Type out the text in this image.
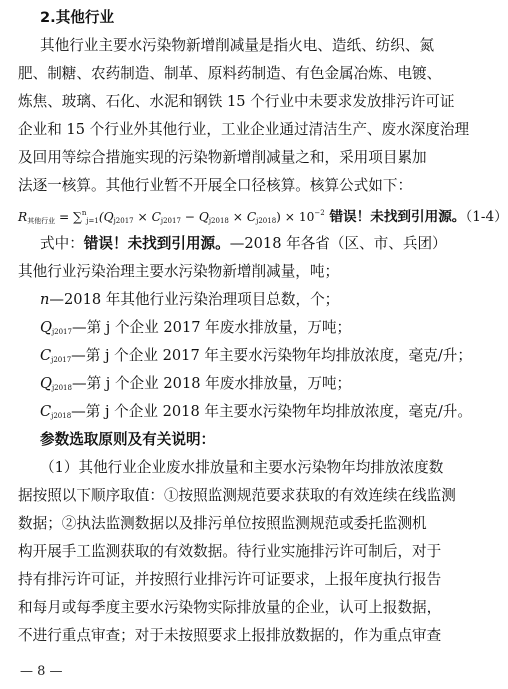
2.其他行业
其他行业主要水污染物新增削减量是指火电、造纸、纺织、氮
肥、制糖、农药制造、制革、原料药制造、有色金属冶炼、电镀、
炼焦、玻璃、石化、水泥和钢铁 15 个行业中未要求发放排污许可证
企业和 15 个行业外其他行业，工业企业通过清洁生产、废水深度治理
及回用等综合措施实现的污染物新增削减量之和，采用项目累加
法逐一核算。其他行业暂不开展全口径核算。核算公式如下：
$R_{其他行业} = \sum^n_{j=1}(Q_{j2017} \times C_{j2017} - Q_{j2018} \times C_{j2018}) \times 10^{-2}$ 错误！未找到引用源。（1-4）
式中：错误！未找到引用源。—2018 年各省（区、市、兵团）
其他行业污染治理主要水污染物新增削减量，吨；
n—2018 年其他行业污染治理项目总数，个；
$Q_{j2017}—$第 j 个企业 2017 年废水排放量，万吨；
Cj2017—第 j 个企业 2017 年主要水污染物年均排放浓度，毫克/升；
Qj2018—第 j 个企业 2018 年废水排放量，万吨；
Cj2018—第 j 个企业 2018 年主要水污染物年均排放浓度，毫克/升。
参数选取原则及有关说明：
（1）其他行业企业废水排放量和主要水污染物年均排放浓度数
据按照以下顺序取值：①按照监测规范要求获取的有效连续在线监测
数据；②执法监测数据以及排污单位按照监测规范或委托监测机
构开展手工监测获取的有效数据。待行业实施排污许可制后，对于
持有排污许可证，并按照行业排污许可证要求，上报年度执行报告
和每月或每季度主要水污染物实际排放量的企业，认可上报数据，
不进行重点审查；对于未按照要求上报排放数据的，作为重点审查
— 8 —
